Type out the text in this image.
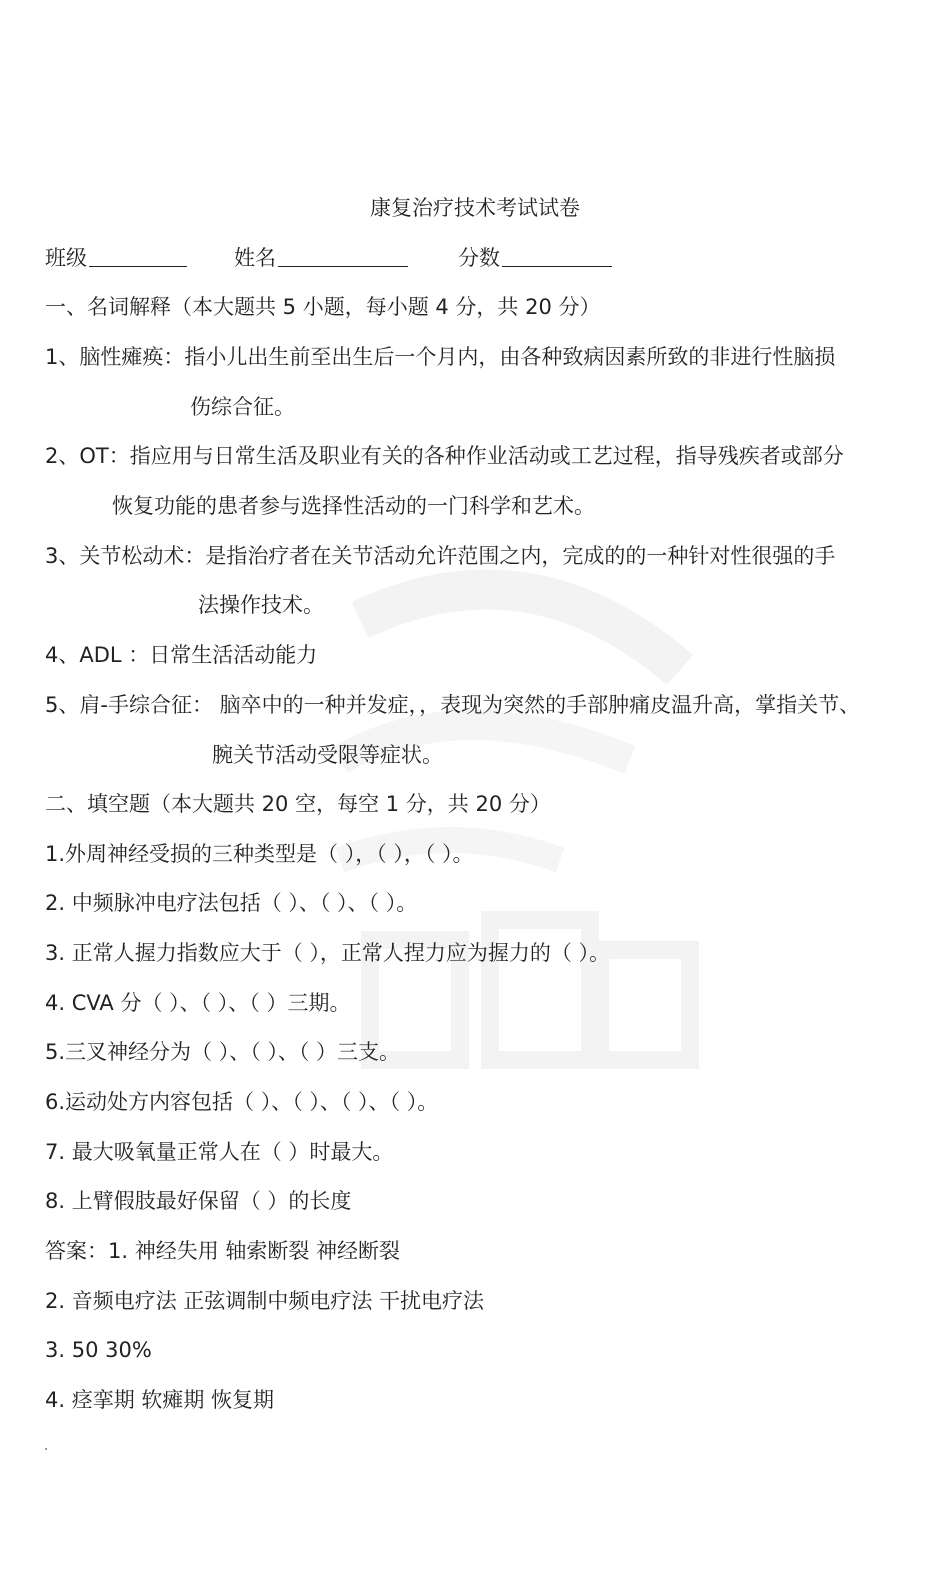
康复治疗技术考试试卷
班级	姓名	分数
一、名词解释（本大题共 5 小题，每小题 4 分，共 20 分）
1、脑性瘫痪：指小儿出生前至出生后一个月内，由各种致病因素所致的非进行性脑损
伤综合征。
2、OT：指应用与日常生活及职业有关的各种作业活动或工艺过程，指导残疾者或部分
恢复功能的患者参与选择性活动的一门科学和艺术。
3、关节松动术：是指治疗者在关节活动允许范围之内，完成的的一种针对性很强的手
法操作技术。
4、ADL ：日常生活活动能力
5、肩-手综合征： 脑卒中的一种并发症，，表现为突然的手部肿痛皮温升高，掌指关节、
腕关节活动受限等症状。
二、填空题（本大题共 20 空，每空 1 分，共 20 分）
1.外周神经受损的三种类型是（ ），（ ），（ ）。
2. 中频脉冲电疗法包括（ ）、（ ）、（ ）。
3. 正常人握力指数应大于（ ），正常人捏力应为握力的（ ）。
4. CVA 分（ ）、（ ）、（ ）三期。
5.三叉神经分为（ ）、（ ）、（ ）三支。
6.运动处方内容包括（ ）、（ ）、（ ）、（ ）。
7. 最大吸氧量正常人在（ ）时最大。
8. 上臂假肢最好保留（ ）的长度
答案：1. 神经失用 轴索断裂 神经断裂
2. 音频电疗法 正弦调制中频电疗法 干扰电疗法
3. 50 30%
4. 痉挛期 软瘫期 恢复期
